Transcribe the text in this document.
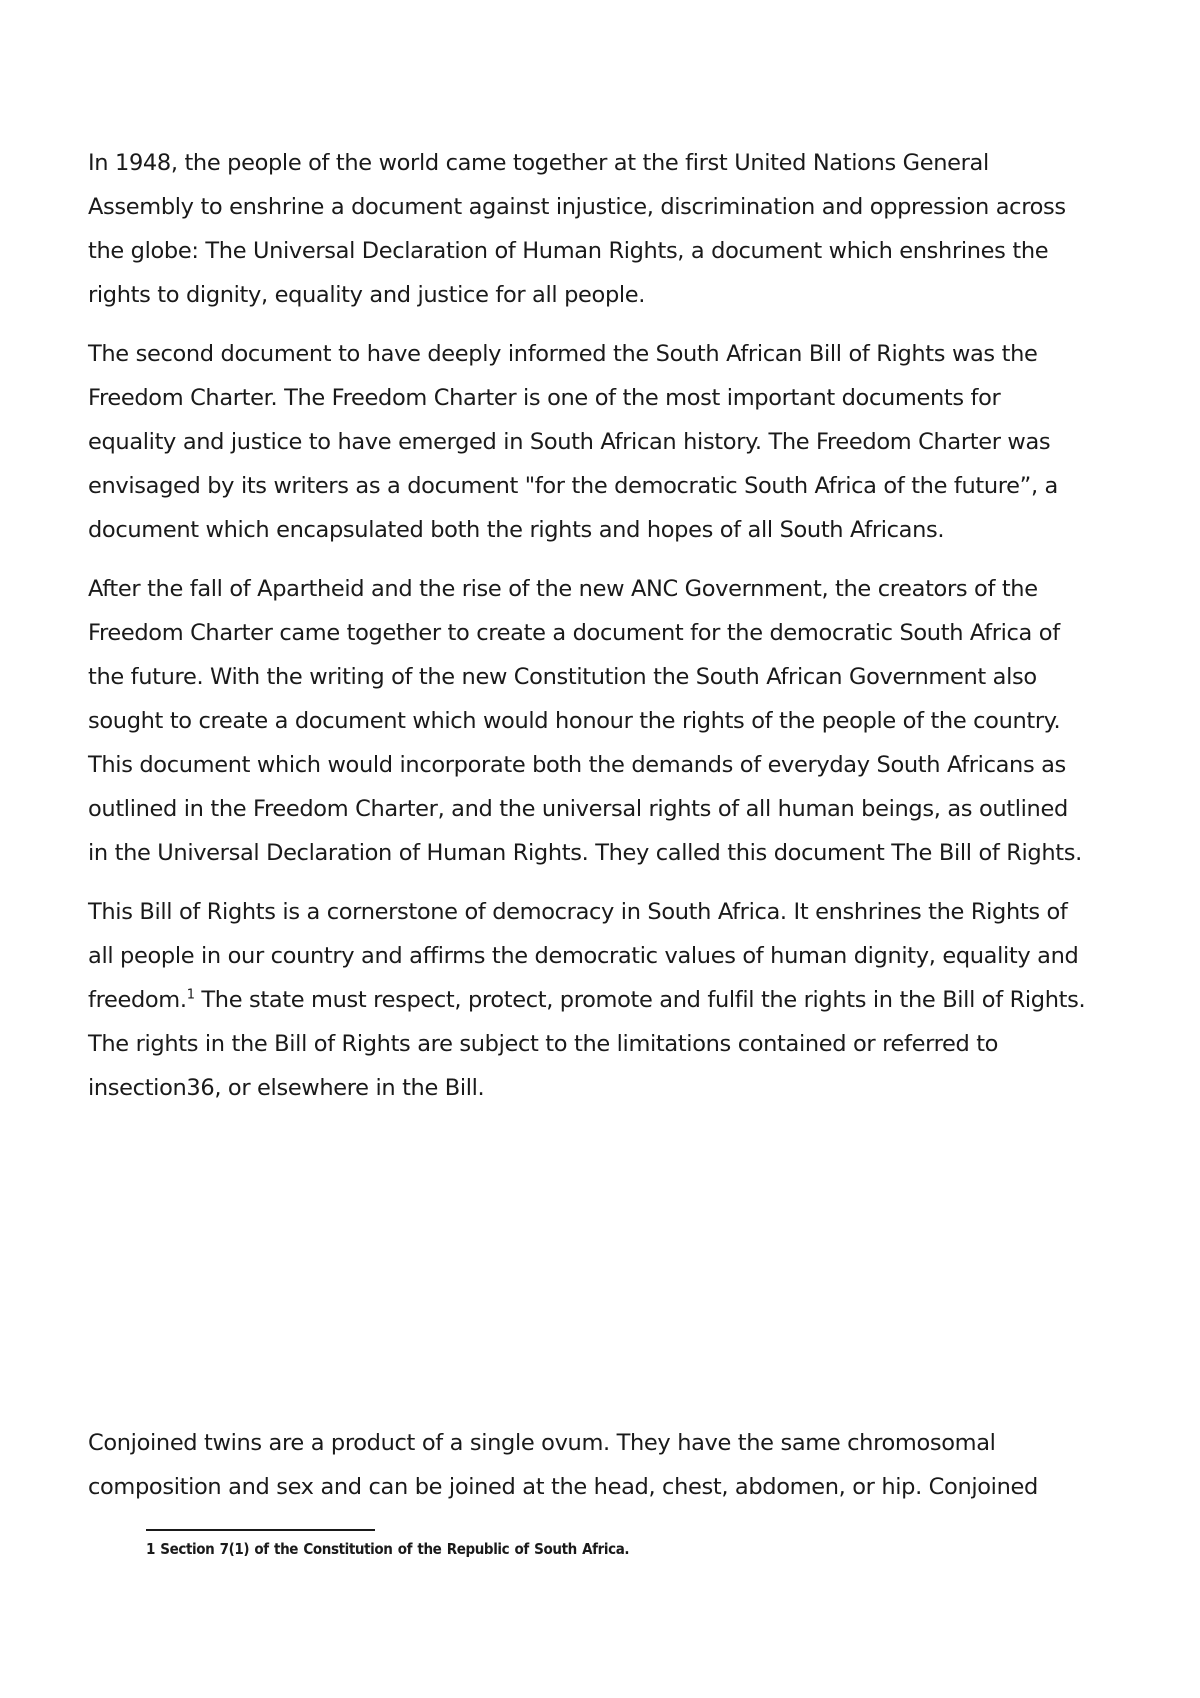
In 1948, the people of the world came together at the first United Nations General Assembly to enshrine a document against injustice, discrimination and oppression across the globe: The Universal Declaration of Human Rights, a document which enshrines the rights to dignity, equality and justice for all people.

The second document to have deeply informed the South African Bill of Rights was the Freedom Charter. The Freedom Charter is one of the most important documents for equality and justice to have emerged in South African history. The Freedom Charter was envisaged by its writers as a document "for the democratic South Africa of the future”, a document which encapsulated both the rights and hopes of all South Africans.

After the fall of Apartheid and the rise of the new ANC Government, the creators of the Freedom Charter came together to create a document for the democratic South Africa of the future. With the writing of the new Constitution the South African Government also sought to create a document which would honour the rights of the people of the country. This document which would incorporate both the demands of everyday South Africans as outlined in the Freedom Charter, and the universal rights of all human beings, as outlined in the Universal Declaration of Human Rights. They called this document The Bill of Rights.

This Bill of Rights is a cornerstone of democracy in South Africa. It enshrines the Rights of all people in our country and affirms the democratic values of human dignity, equality and freedom.$^1$ The state must respect, protect, promote and fulfil the rights in the Bill of Rights. The rights in the Bill of Rights are subject to the limitations contained or referred to insection36, or elsewhere in the Bill.

Conjoined twins are a product of a single ovum. They have the same chromosomal composition and sex and can be joined at the head, chest, abdomen, or hip. Conjoined

1 Section 7(1) of the Constitution of the Republic of South Africa.
